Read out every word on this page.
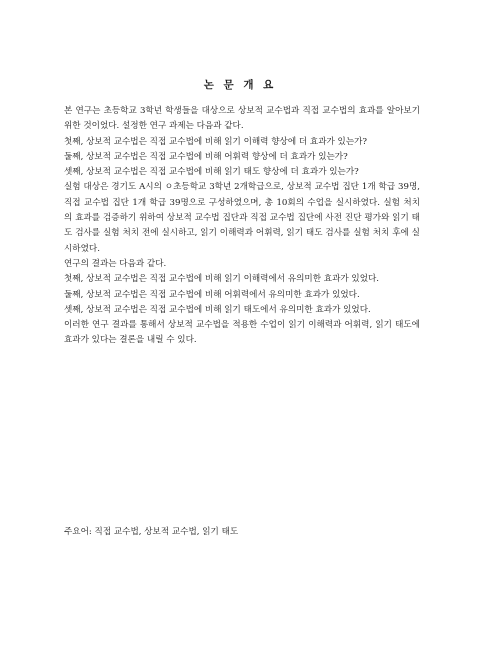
논 문 개 요

본 연구는 초등학교 3학년 학생들을 대상으로 상보적 교수법과 직접 교수법의 효과를 알아보기 위한 것이었다. 설정한 연구 과제는 다음과 같다.

첫째, 상보적 교수법은 직접 교수법에 비해 읽기 이해력 향상에 더 효과가 있는가?

둘째, 상보적 교수법은 직접 교수법에 비해 어휘력 향상에 더 효과가 있는가?

셋째, 상보적 교수법은 직접 교수법에 비해 읽기 태도 향상에 더 효과가 있는가?

실험 대상은 경기도 A시의 ㅇ초등학교 3학년 2개학급으로, 상보적 교수법 집단 1개 학급 39명, 직접 교수법 집단 1개 학급 39명으로 구성하였으며, 총 10회의 수업을 실시하였다. 실험 처치의 효과를 검증하기 위하여 상보적 교수법 집단과 직접 교수법 집단에 사전 진단 평가와 읽기 태도 검사를 실험 처치 전에 실시하고, 읽기 이해력과 어휘력, 읽기 태도 검사를 실험 처치 후에 실시하였다.

연구의 결과는 다음과 같다.

첫째, 상보적 교수법은 직접 교수법에 비해 읽기 이해력에서 유의미한 효과가 있었다.

둘째, 상보적 교수법은 직접 교수법에 비해 어휘력에서 유의미한 효과가 있었다.

셋째, 상보적 교수법은 직접 교수법에 비해 읽기 태도에서 유의미한 효과가 있었다.

이러한 연구 결과를 통해서 상보적 교수법을 적용한 수업이 읽기 이해력과 어휘력, 읽기 태도에 효과가 있다는 결론을 내릴 수 있다.

주요어: 직접 교수법, 상보적 교수법, 읽기 태도
